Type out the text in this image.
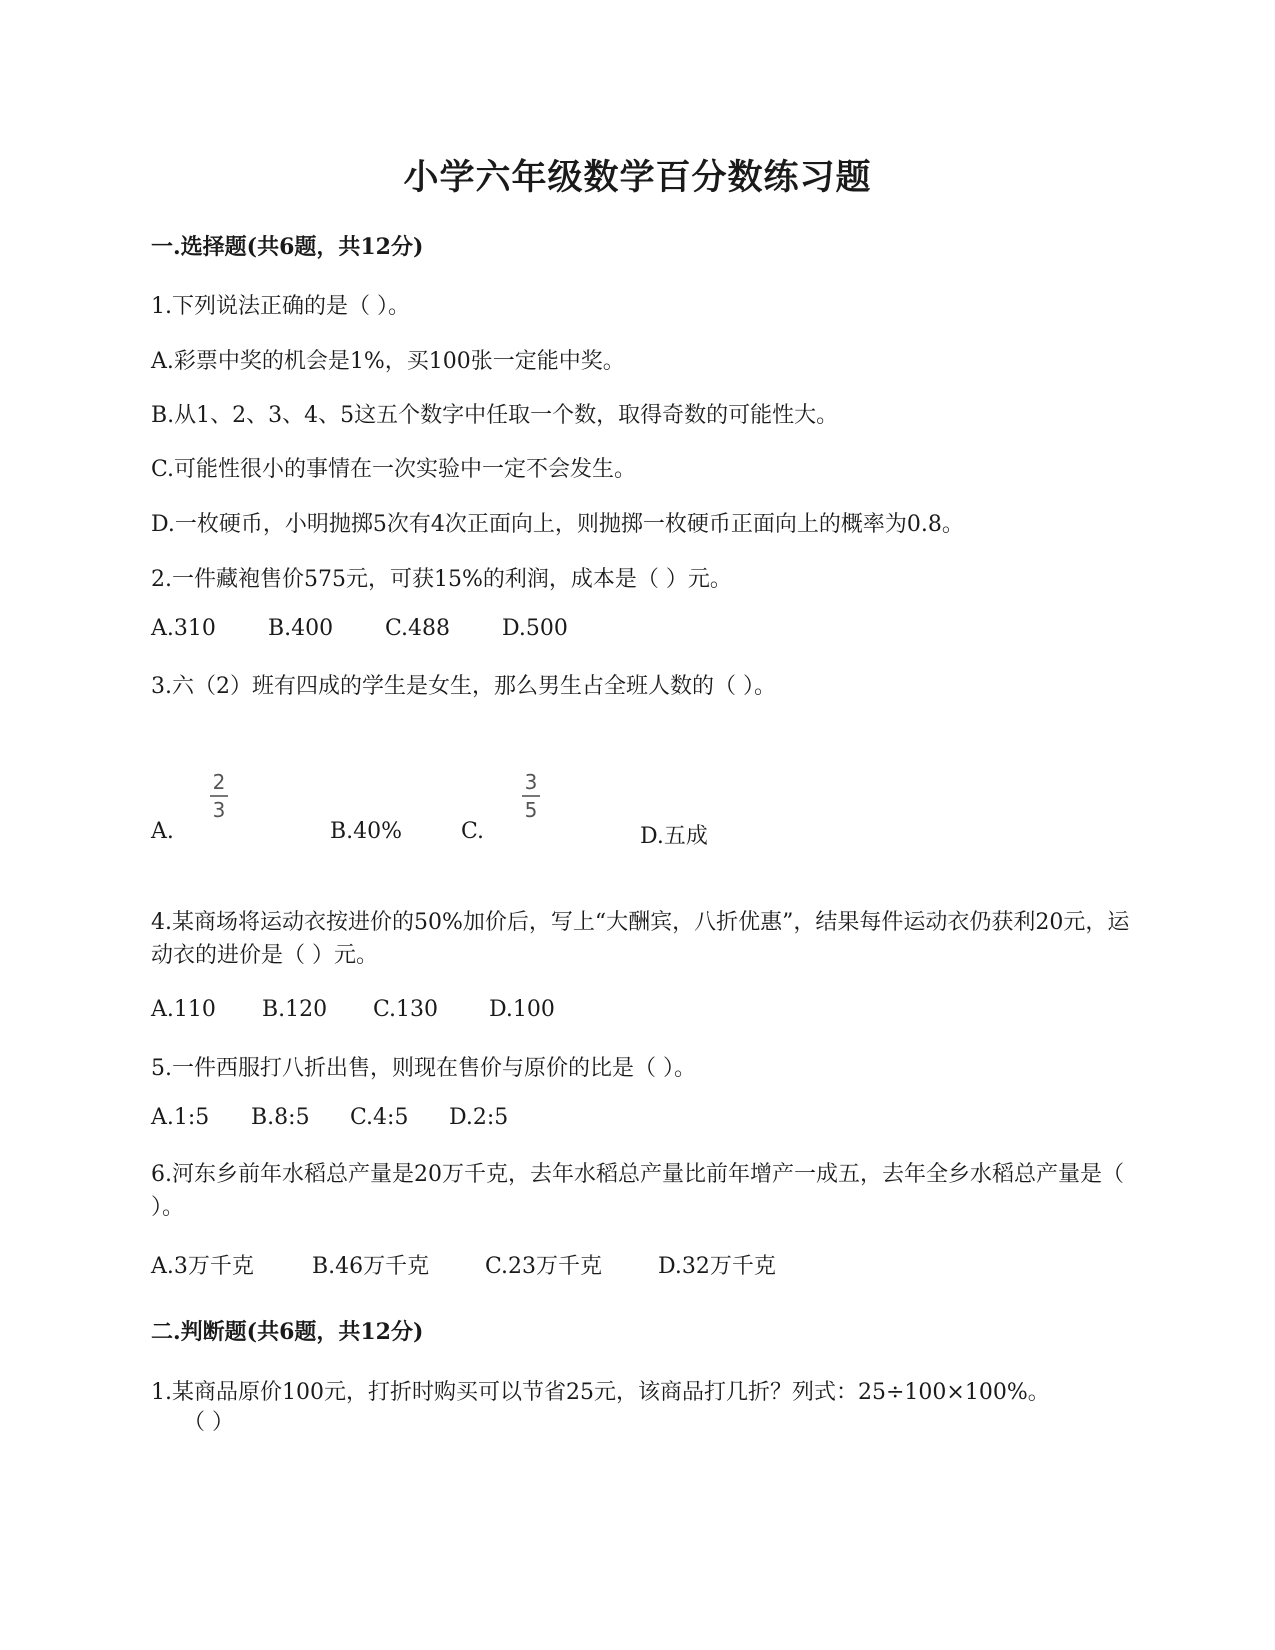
小学六年级数学百分数练习题
一.选择题(共6题，共12分)
1.下列说法正确的是（ ）。
A.彩票中奖的机会是1%，买100张一定能中奖。
B.从1、2、3、4、5这五个数字中任取一个数，取得奇数的可能性大。
C.可能性很小的事情在一次实验中一定不会发生。
D.一枚硬币，小明抛掷5次有4次正面向上，则抛掷一枚硬币正面向上的概率为0.8。
2.一件藏袍售价575元，可获15%的利润，成本是（ ）元。
A.310 B.400 C.488 D.500
3.六（2）班有四成的学生是女生，那么男生占全班人数的（ ）。
A.
2
3
B.40%	C.
3
5
D.五成
4.某商场将运动衣按进价的50%加价后，写上“大酬宾，八折优惠”，结果每件运动衣仍获利20元，运动衣的进价是（ ）元。
A.110 B.120 C.130 D.100
5.一件西服打八折出售，则现在售价与原价的比是（ ）。
A.1:5 B.8:5 C.4:5 D.2:5
6.河东乡前年水稻总产量是20万千克，去年水稻总产量比前年增产一成五，去年全乡水稻总产量是（ ）。
A.3万千克	B.46万千克	C.23万千克	D.32万千克
二.判断题(共6题，共12分)
1.某商品原价100元，打折时购买可以节省25元，该商品打几折？列式：25÷100×100%。
（ ）
